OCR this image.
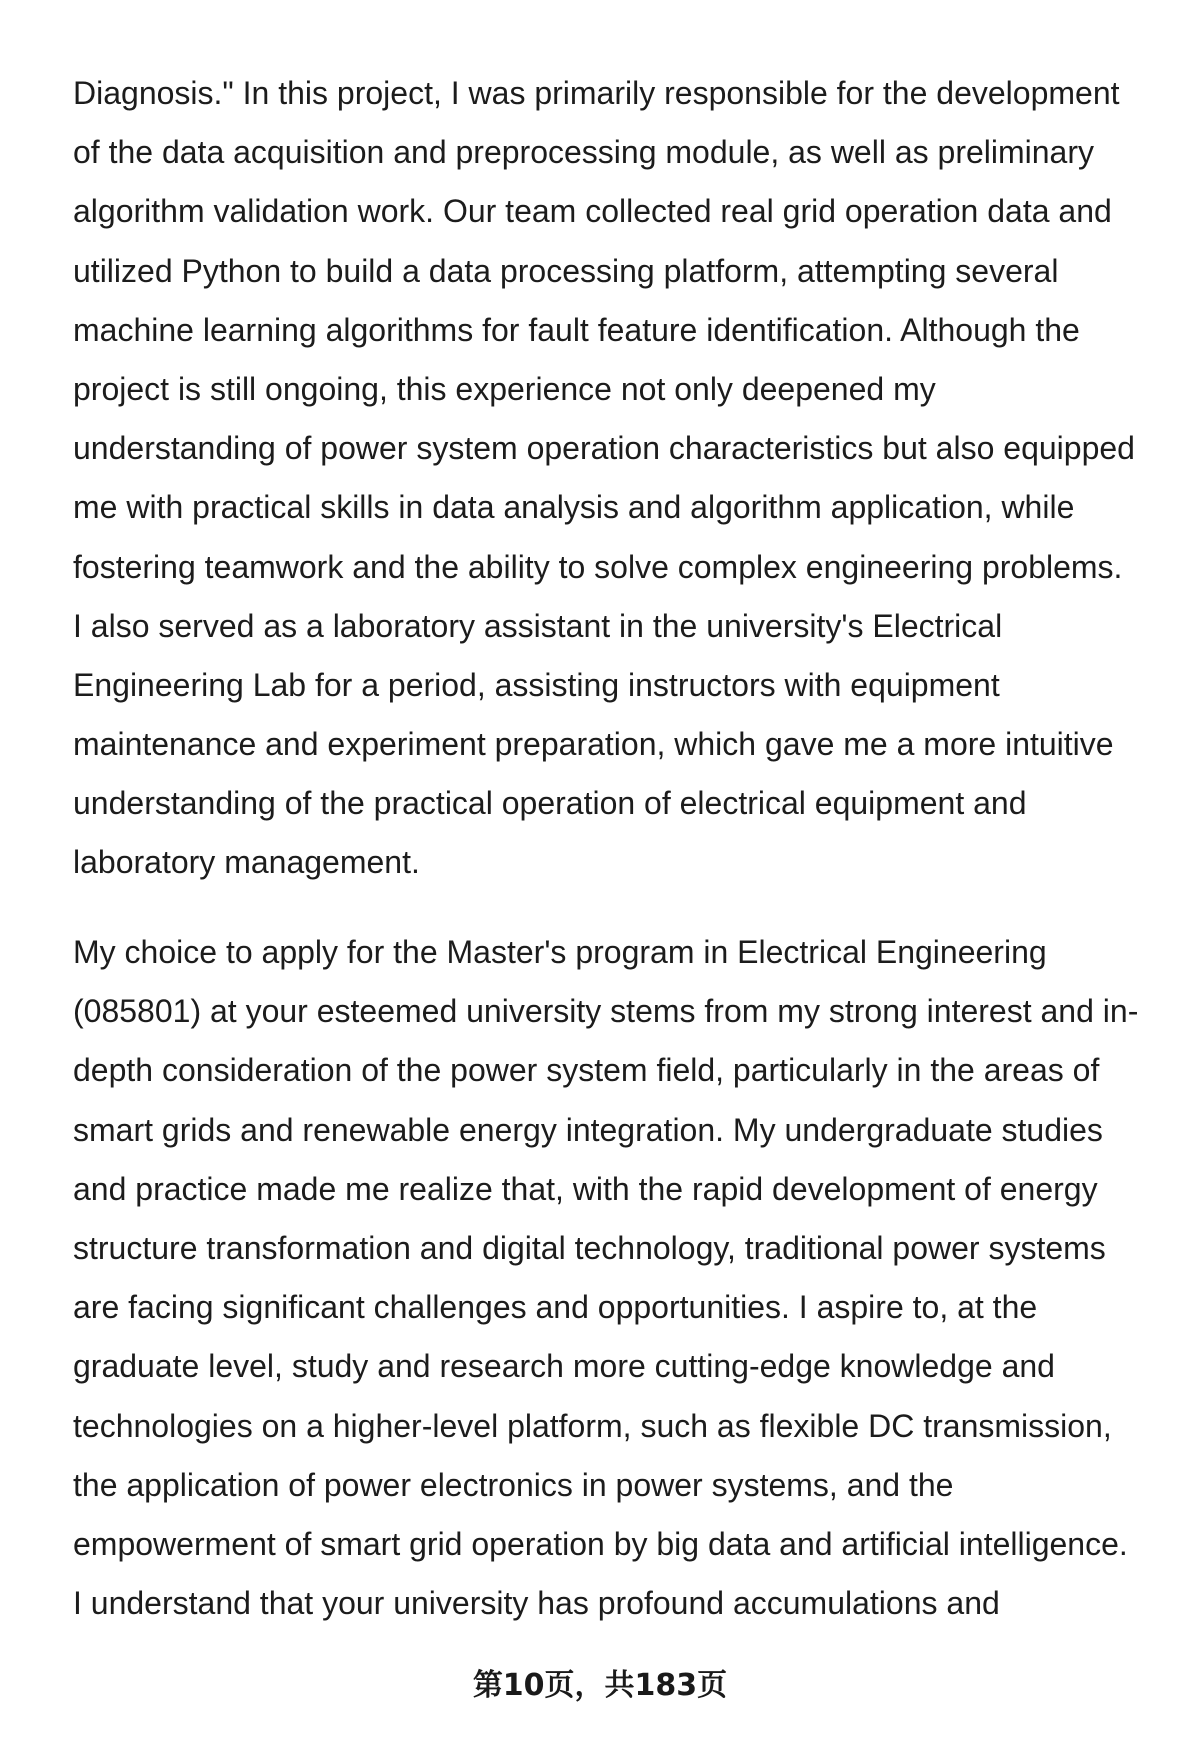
Diagnosis." In this project, I was primarily responsible for the development
of the data acquisition and preprocessing module, as well as preliminary
algorithm validation work. Our team collected real grid operation data and
utilized Python to build a data processing platform, attempting several
machine learning algorithms for fault feature identification. Although the
project is still ongoing, this experience not only deepened my
understanding of power system operation characteristics but also equipped
me with practical skills in data analysis and algorithm application, while
fostering teamwork and the ability to solve complex engineering problems.
I also served as a laboratory assistant in the university's Electrical
Engineering Lab for a period, assisting instructors with equipment
maintenance and experiment preparation, which gave me a more intuitive
understanding of the practical operation of electrical equipment and
laboratory management.
My choice to apply for the Master's program in Electrical Engineering
(085801) at your esteemed university stems from my strong interest and in-
depth consideration of the power system field, particularly in the areas of
smart grids and renewable energy integration. My undergraduate studies
and practice made me realize that, with the rapid development of energy
structure transformation and digital technology, traditional power systems
are facing significant challenges and opportunities. I aspire to, at the
graduate level, study and research more cutting-edge knowledge and
technologies on a higher-level platform, such as flexible DC transmission,
the application of power electronics in power systems, and the
empowerment of smart grid operation by big data and artificial intelligence.
I understand that your university has profound accumulations and
第10页，共183页
